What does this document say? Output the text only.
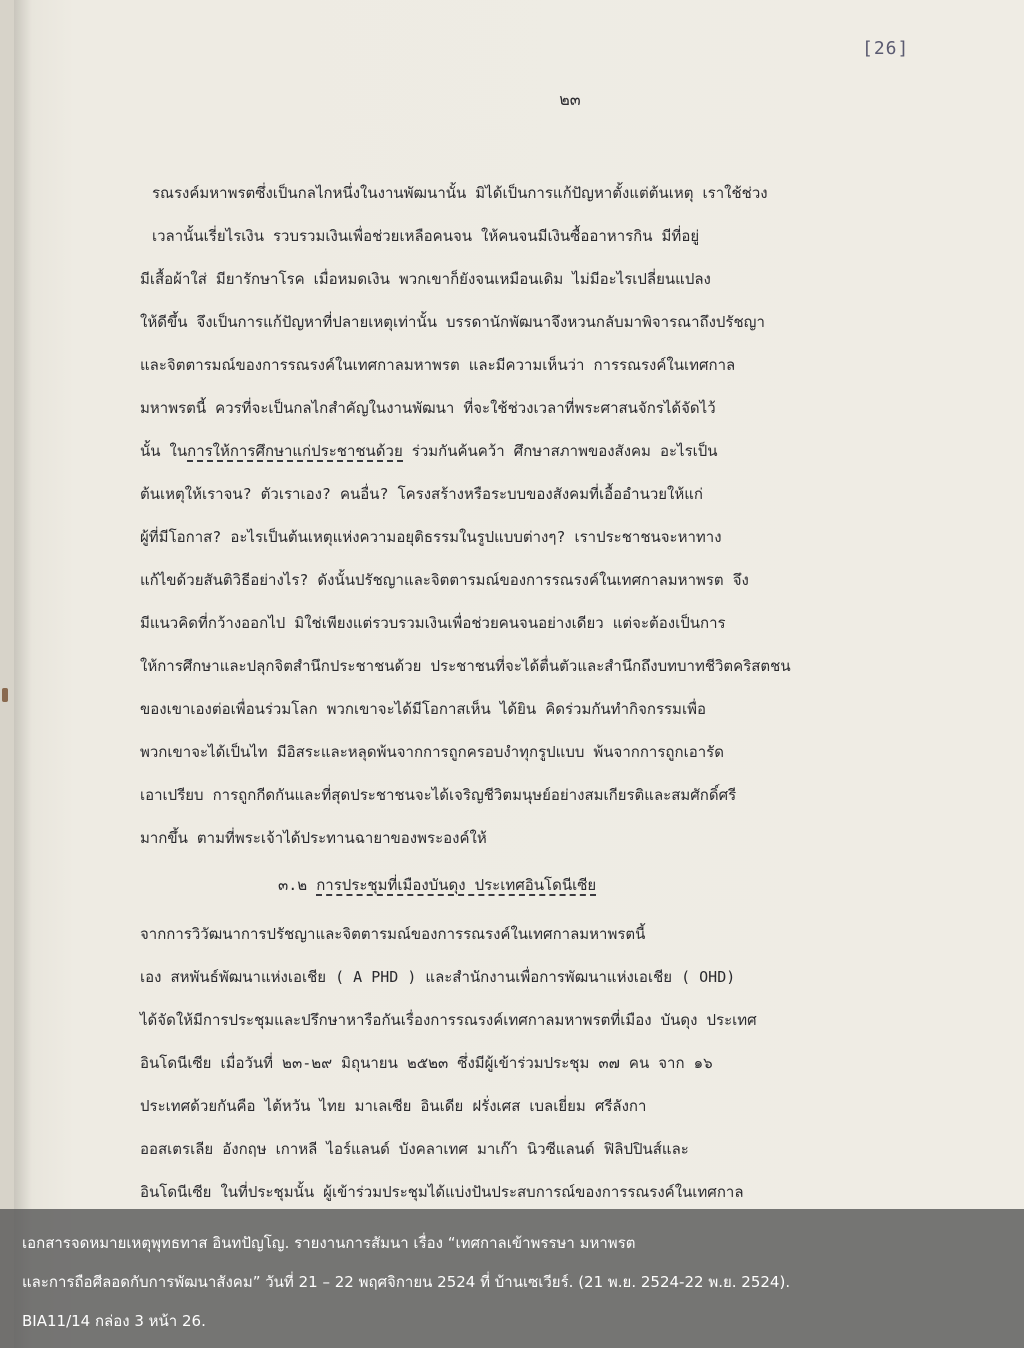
[26]
๒๓
รณรงค์มหาพรตซึ่งเป็นกลไกหนึ่งในงานพัฒนานั้น มิได้เป็นการแก้ปัญหาตั้งแต่ต้นเหตุ เราใช้ช่วง
เวลานั้นเรี่ยไรเงิน รวบรวมเงินเพื่อช่วยเหลือคนจน ให้คนจนมีเงินซื้ออาหารกิน มีที่อยู่
มีเสื้อผ้าใส่ มียารักษาโรค เมื่อหมดเงิน พวกเขาก็ยังจนเหมือนเดิม ไม่มีอะไรเปลี่ยนแปลง
ให้ดีขึ้น จึงเป็นการแก้ปัญหาที่ปลายเหตุเท่านั้น บรรดานักพัฒนาจึงหวนกลับมาพิจารณาถึงปรัชญา
และจิตตารมณ์ของการรณรงค์ในเทศกาลมหาพรต และมีความเห็นว่า การรณรงค์ในเทศกาล
มหาพรตนี้ ควรที่จะเป็นกลไกสำคัญในงานพัฒนา ที่จะใช้ช่วงเวลาที่พระศาสนจักรได้จัดไว้
นั้น ในการให้การศึกษาแก่ประชาชนด้วย ร่วมกันค้นคว้า ศึกษาสภาพของสังคม อะไรเป็น
ต้นเหตุให้เราจน? ตัวเราเอง? คนอื่น? โครงสร้างหรือระบบของสังคมที่เอื้ออำนวยให้แก่
ผู้ที่มีโอกาส? อะไรเป็นต้นเหตุแห่งความอยุติธรรมในรูปแบบต่างๆ? เราประชาชนจะหาทาง
แก้ไขด้วยสันติวิธีอย่างไร? ดังนั้นปรัชญาและจิตตารมณ์ของการรณรงค์ในเทศกาลมหาพรต จึง
มีแนวคิดที่กว้างออกไป มิใช่เพียงแต่รวบรวมเงินเพื่อช่วยคนจนอย่างเดียว แต่จะต้องเป็นการ
ให้การศึกษาและปลุกจิตสำนึกประชาชนด้วย ประชาชนที่จะได้ตื่นตัวและสำนึกถึงบทบาทชีวิตคริสตชน
ของเขาเองต่อเพื่อนร่วมโลก พวกเขาจะได้มีโอกาสเห็น ได้ยิน คิดร่วมกันทำกิจกรรมเพื่อ
พวกเขาจะได้เป็นไท มีอิสระและหลุดพ้นจากการถูกครอบงำทุกรูปแบบ พ้นจากการถูกเอารัด
เอาเปรียบ การถูกกีดกันและที่สุดประชาชนจะได้เจริญชีวิตมนุษย์อย่างสมเกียรติและสมศักดิ์ศรี
มากขึ้น ตามที่พระเจ้าได้ประทานฉายาของพระองค์ให้
๓.๒ การประชุมที่เมืองบันดุง ประเทศอินโดนีเซีย
จากการวิวัฒนาการปรัชญาและจิตตารมณ์ของการรณรงค์ในเทศกาลมหาพรตนี้
เอง สหพันธ์พัฒนาแห่งเอเชีย ( A PHD ) และสำนักงานเพื่อการพัฒนาแห่งเอเชีย ( OHD)
ได้จัดให้มีการประชุมและปรึกษาหารือกันเรื่องการรณรงค์เทศกาลมหาพรตที่เมือง บันดุง ประเทศ
อินโดนีเซีย เมื่อวันที่ ๒๓-๒๙ มิถุนายน ๒๕๒๓ ซึ่งมีผู้เข้าร่วมประชุม ๓๗ คน จาก ๑๖
ประเทศด้วยกันคือ ไต้หวัน ไทย มาเลเซีย อินเดีย ฝรั่งเศส เบลเยี่ยม ศรีลังกา
ออสเตรเลีย อังกฤษ เกาหลี ไอร์แลนด์ บังคลาเทศ มาเก๊า นิวซีแลนด์ ฟิลิปปินส์และ
อินโดนีเซีย ในที่ประชุมนั้น ผู้เข้าร่วมประชุมได้แบ่งปันประสบการณ์ของการรณรงค์ในเทศกาล
เอกสารจดหมายเหตุพุทธทาส อินทปัญโญ. รายงานการสัมนา เรื่อง “เทศกาลเข้าพรรษา มหาพรต
และการถือศีลอดกับการพัฒนาสังคม” วันที่ 21 – 22 พฤศจิกายน 2524 ที่ บ้านเซเวียร์. (21 พ.ย. 2524-22 พ.ย. 2524).
BIA11/14 กล่อง 3 หน้า 26.
